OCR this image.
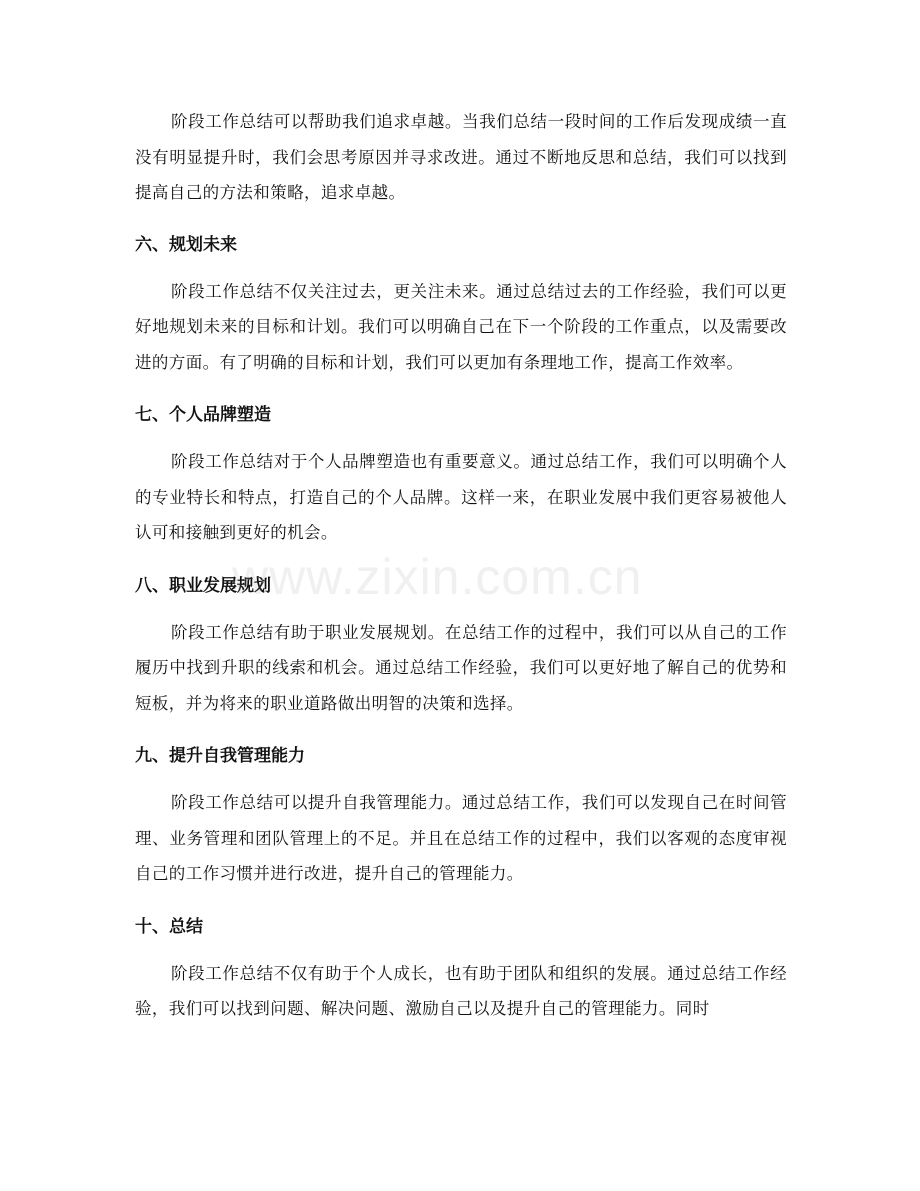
阶段工作总结可以帮助我们追求卓越。当我们总结一段时间的工作后发现成绩一直没有明显提升时，我们会思考原因并寻求改进。通过不断地反思和总结，我们可以找到提高自己的方法和策略，追求卓越。

六、规划未来

阶段工作总结不仅关注过去，更关注未来。通过总结过去的工作经验，我们可以更好地规划未来的目标和计划。我们可以明确自己在下一个阶段的工作重点，以及需要改进的方面。有了明确的目标和计划，我们可以更加有条理地工作，提高工作效率。

七、个人品牌塑造

阶段工作总结对于个人品牌塑造也有重要意义。通过总结工作，我们可以明确个人的专业特长和特点，打造自己的个人品牌。这样一来，在职业发展中我们更容易被他人认可和接触到更好的机会。

八、职业发展规划

阶段工作总结有助于职业发展规划。在总结工作的过程中，我们可以从自己的工作履历中找到升职的线索和机会。通过总结工作经验，我们可以更好地了解自己的优势和短板，并为将来的职业道路做出明智的决策和选择。

九、提升自我管理能力

阶段工作总结可以提升自我管理能力。通过总结工作，我们可以发现自己在时间管理、业务管理和团队管理上的不足。并且在总结工作的过程中，我们以客观的态度审视自己的工作习惯并进行改进，提升自己的管理能力。

十、总结

阶段工作总结不仅有助于个人成长，也有助于团队和组织的发展。通过总结工作经验，我们可以找到问题、解决问题、激励自己以及提升自己的管理能力。同时

www.zixin.com.cn
